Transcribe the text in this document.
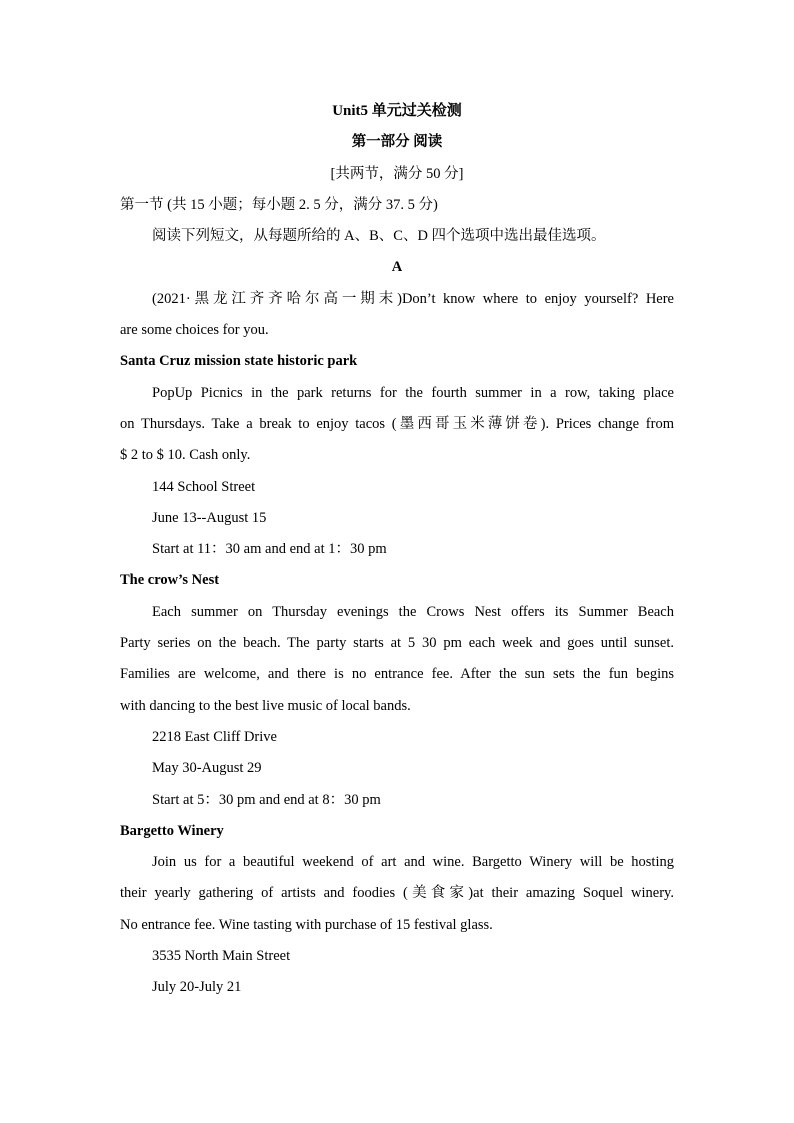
Unit5 单元过关检测
第一部分 阅读
[共两节，满分 50 分]
第一节 (共 15 小题；每小题 2. 5 分，满分 37. 5 分)
阅读下列短文，从每题所给的 A、B、C、D 四个选项中选出最佳选项。
A
(2021·黑龙江齐齐哈尔高一期末)Don’t know where to enjoy yourself? Here
are some choices for you.
Santa Cruz mission state historic park
PopUp Picnics in the park returns for the fourth summer in a row, taking place
on Thursdays. Take a break to enjoy tacos (墨西哥玉米薄饼卷). Prices change from
$ 2 to $ 10. Cash only.
144 School Street
June 13--August 15
Start at 11：30 am and end at 1：30 pm
The crow’s Nest
Each summer on Thursday evenings the Crows Nest offers its Summer Beach
Party series on the beach. The party starts at 5 30 pm each week and goes until sunset.
Families are welcome, and there is no entrance fee. After the sun sets the fun begins
with dancing to the best live music of local bands.
2218 East Cliff Drive
May 30-August 29
Start at 5：30 pm and end at 8：30 pm
Bargetto Winery
Join us for a beautiful weekend of art and wine. Bargetto Winery will be hosting
their yearly gathering of artists and foodies (美食家)at their amazing Soquel winery.
No entrance fee. Wine tasting with purchase of 15 festival glass.
3535 North Main Street
July 20-July 21
